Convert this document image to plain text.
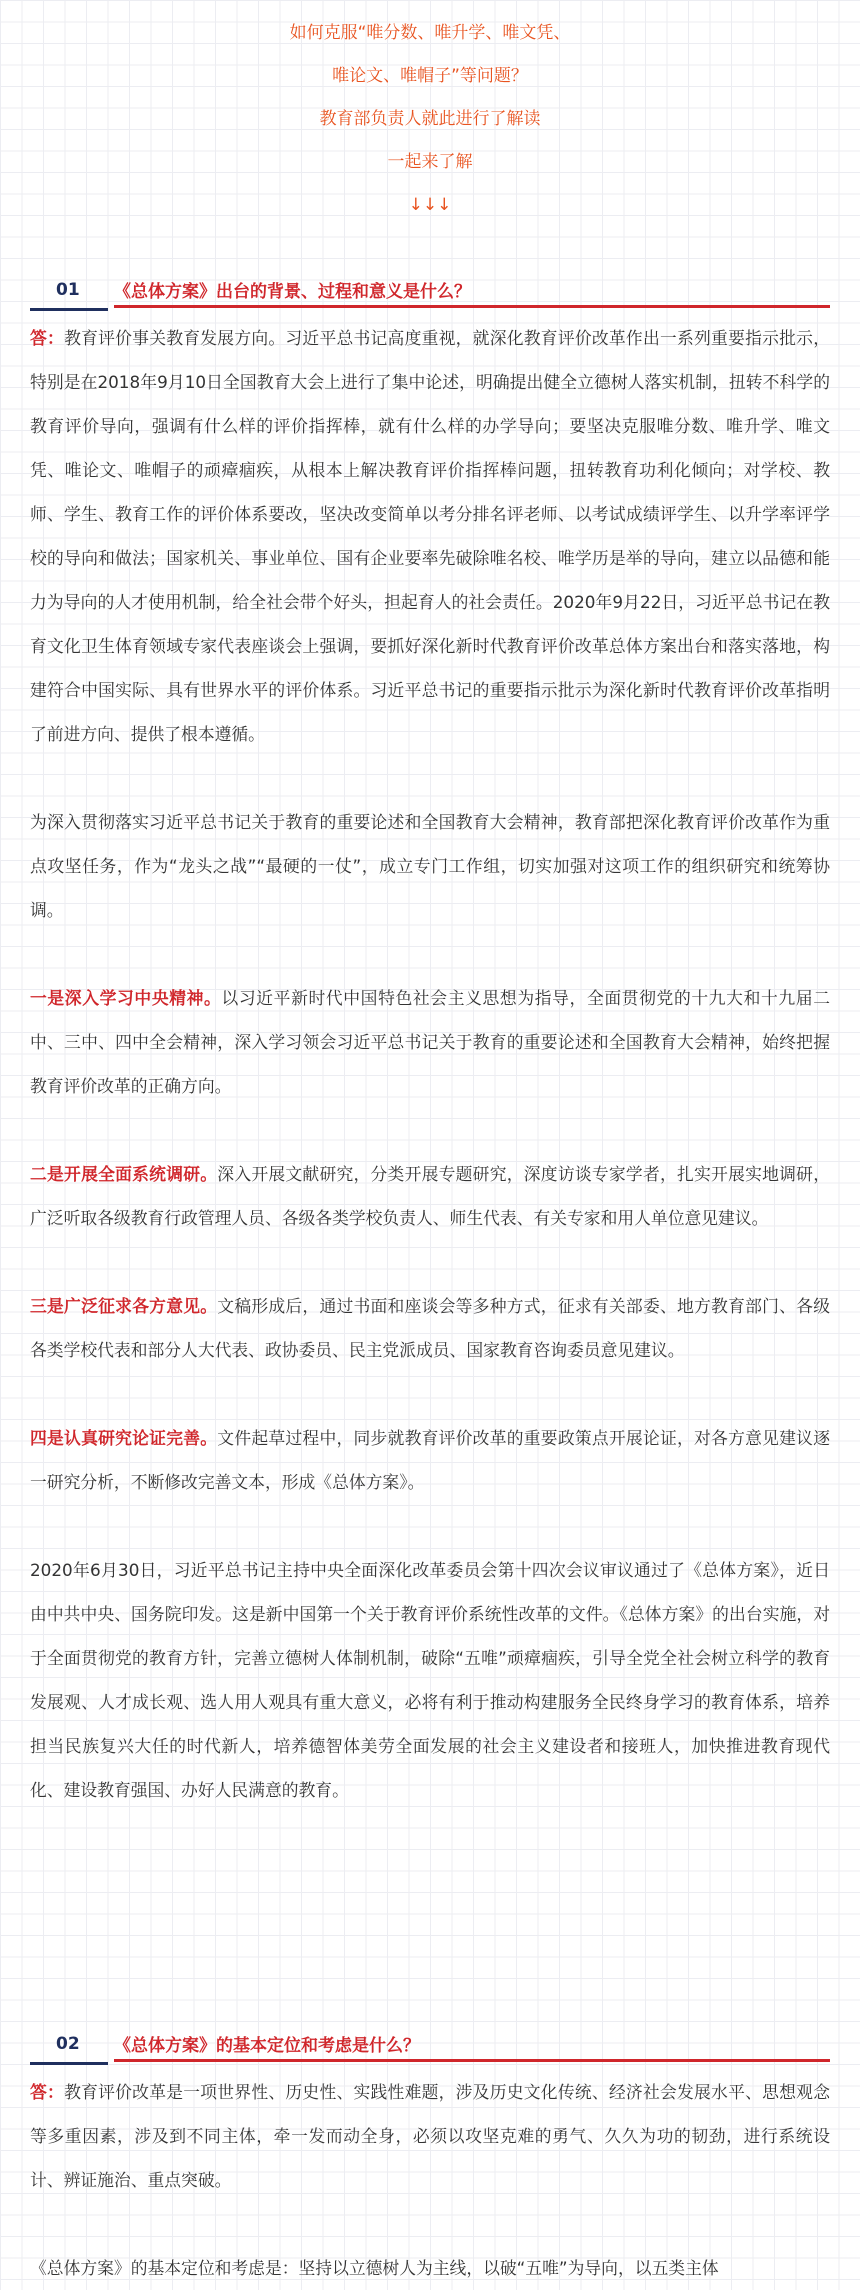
如何克服“唯分数、唯升学、唯文凭、

唯论文、唯帽子”等问题？

教育部负责人就此进行了解读

一起来了解

↓↓↓

01 《总体方案》出台的背景、过程和意义是什么？

答：教育评价事关教育发展方向。习近平总书记高度重视，就深化教育评价改革作出一系列重要指示批示，特别是在2018年9月10日全国教育大会上进行了集中论述，明确提出健全立德树人落实机制，扭转不科学的教育评价导向，强调有什么样的评价指挥棒，就有什么样的办学导向；要坚决克服唯分数、唯升学、唯文凭、唯论文、唯帽子的顽瘴痼疾，从根本上解决教育评价指挥棒问题，扭转教育功利化倾向；对学校、教师、学生、教育工作的评价体系要改，坚决改变简单以考分排名评老师、以考试成绩评学生、以升学率评学校的导向和做法；国家机关、事业单位、国有企业要率先破除唯名校、唯学历是举的导向，建立以品德和能力为导向的人才使用机制，给全社会带个好头，担起育人的社会责任。2020年9月22日，习近平总书记在教育文化卫生体育领域专家代表座谈会上强调，要抓好深化新时代教育评价改革总体方案出台和落实落地，构建符合中国实际、具有世界水平的评价体系。习近平总书记的重要指示批示为深化新时代教育评价改革指明了前进方向、提供了根本遵循。

为深入贯彻落实习近平总书记关于教育的重要论述和全国教育大会精神，教育部把深化教育评价改革作为重点攻坚任务，作为“龙头之战”“最硬的一仗”，成立专门工作组，切实加强对这项工作的组织研究和统筹协调。

一是深入学习中央精神。以习近平新时代中国特色社会主义思想为指导，全面贯彻党的十九大和十九届二中、三中、四中全会精神，深入学习领会习近平总书记关于教育的重要论述和全国教育大会精神，始终把握教育评价改革的正确方向。

二是开展全面系统调研。深入开展文献研究，分类开展专题研究，深度访谈专家学者，扎实开展实地调研，广泛听取各级教育行政管理人员、各级各类学校负责人、师生代表、有关专家和用人单位意见建议。

三是广泛征求各方意见。文稿形成后，通过书面和座谈会等多种方式，征求有关部委、地方教育部门、各级各类学校代表和部分人大代表、政协委员、民主党派成员、国家教育咨询委员意见建议。

四是认真研究论证完善。文件起草过程中，同步就教育评价改革的重要政策点开展论证，对各方意见建议逐一研究分析，不断修改完善文本，形成《总体方案》。

2020年6月30日，习近平总书记主持中央全面深化改革委员会第十四次会议审议通过了《总体方案》，近日由中共中央、国务院印发。这是新中国第一个关于教育评价系统性改革的文件。《总体方案》的出台实施，对于全面贯彻党的教育方针，完善立德树人体制机制，破除“五唯”顽瘴痼疾，引导全党全社会树立科学的教育发展观、人才成长观、选人用人观具有重大意义，必将有利于推动构建服务全民终身学习的教育体系，培养担当民族复兴大任的时代新人，培养德智体美劳全面发展的社会主义建设者和接班人，加快推进教育现代化、建设教育强国、办好人民满意的教育。

02 《总体方案》的基本定位和考虑是什么？

答：教育评价改革是一项世界性、历史性、实践性难题，涉及历史文化传统、经济社会发展水平、思想观念等多重因素，涉及到不同主体，牵一发而动全身，必须以攻坚克难的勇气、久久为功的韧劲，进行系统设计、辨证施治、重点突破。

《总体方案》的基本定位和考虑是：坚持以立德树人为主线，以破“五唯”为导向，以五类主体
